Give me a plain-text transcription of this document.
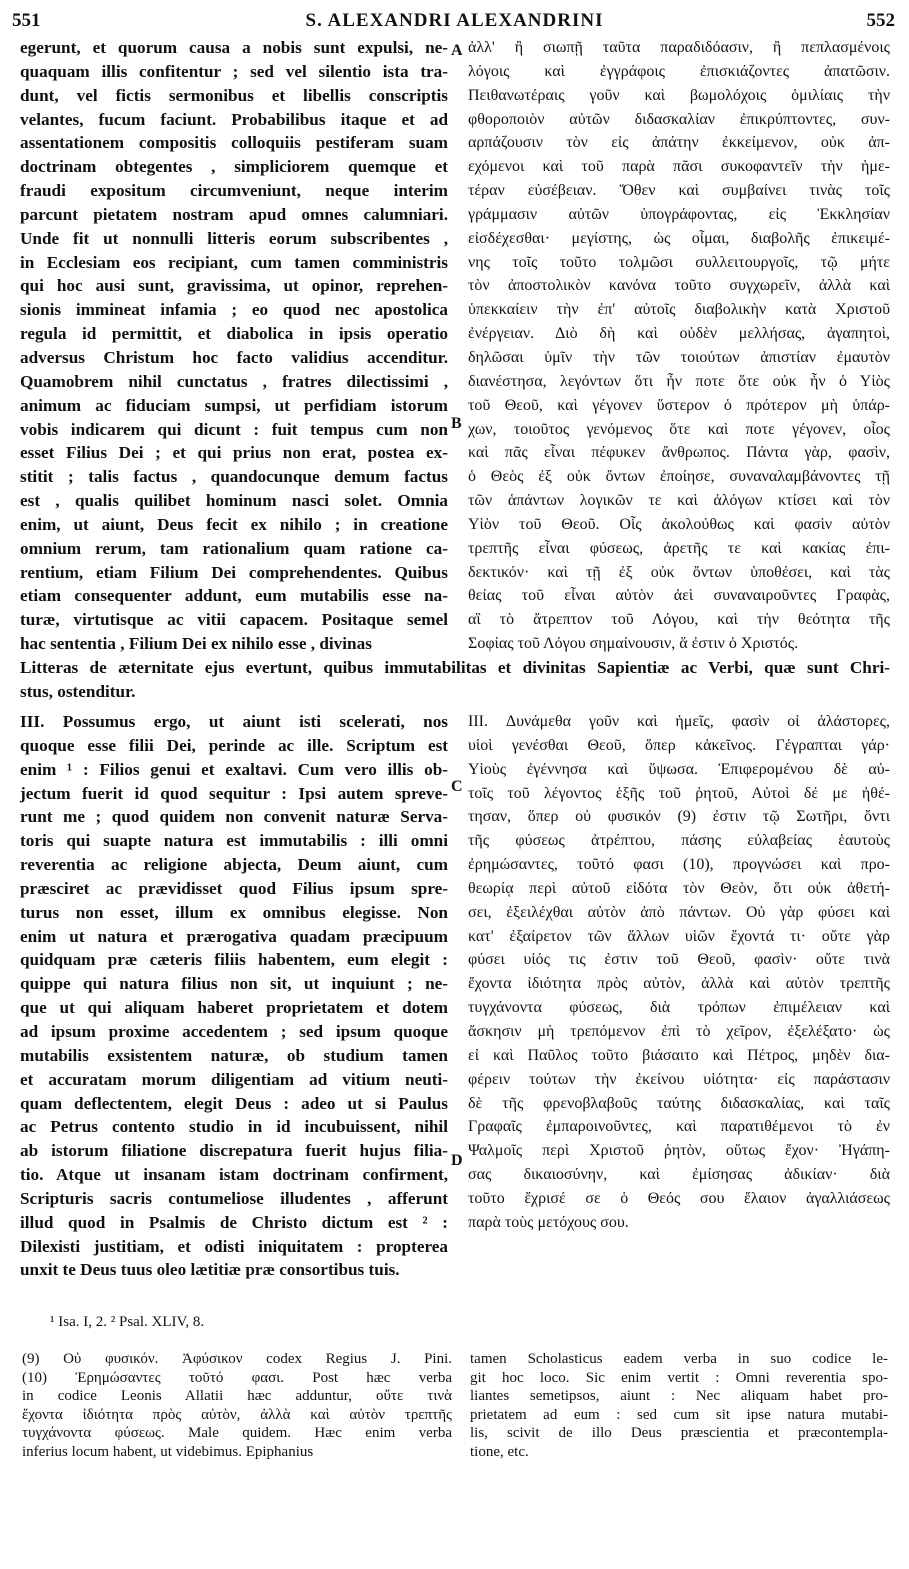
551	S. ALEXANDRI ALEXANDRINI	552
egerunt, et quorum causa a nobis sunt expulsi, ne-
quaquam illis confitentur ; sed vel silentio ista tra-
dunt, vel fictis sermonibus et libellis conscriptis
velantes, fucum faciunt. Probabilibus itaque et ad
assentationem compositis colloquiis pestiferam suam
doctrinam obtegentes , simpliciorem quemque et
fraudi expositum circumveniunt, neque interim
parcunt pietatem nostram apud omnes calumniari.
Unde fit ut nonnulli litteris eorum subscribentes ,
in Ecclesiam eos recipiant, cum tamen comministris
qui hoc ausi sunt, gravissima, ut opinor, reprehen-
sionis immineat infamia ; eo quod nec apostolica
regula id permittit, et diabolica in ipsis operatio
adversus Christum hoc facto validius accenditur.
Quamobrem nihil cunctatus , fratres dilectissimi ,
animum ac fiduciam sumpsi, ut perfidiam istorum
vobis indicarem qui dicunt : fuit tempus cum non
esset Filius Dei ; et qui prius non erat, postea ex-
stitit ; talis factus , quandocunque demum factus
est , qualis quilibet hominum nasci solet. Omnia
enim, ut aiunt, Deus fecit ex nihilo ; in creatione
omnium rerum, tam rationalium quam ratione ca-
rentium, etiam Filium Dei comprehendentes. Quibus
etiam consequenter addunt, eum mutabilis esse na-
turæ, virtutisque ac vitii capacem. Positaque semel
hac sententia , Filium Dei ex nihilo esse , divinas
ἀλλ' ἢ σιωπῇ ταῦτα παραδιδόασιν, ἢ πεπλασμένοις
λόγοις καὶ ἐγγράφοις ἐπισκιάζοντες ἀπατῶσιν.
Πειθανωτέραις γοῦν καὶ βωμολόχοις ὁμιλίαις τὴν
φθοροποιὸν αὐτῶν διδασκαλίαν ἐπικρύπτοντες, συν-
αρπάζουσιν τὸν εἰς ἀπάτην ἐκκείμενον, οὐκ ἀπ-
εχόμενοι καὶ τοῦ παρὰ πᾶσι συκοφαντεῖν τὴν ἡμε-
τέραν εὐσέβειαν. Ὅθεν καὶ συμβαίνει τινὰς τοῖς
γράμμασιν αὐτῶν ὑπογράφοντας, εἰς Ἐκκλησίαν
εἰσδέχεσθαι· μεγίστης, ὡς οἶμαι, διαβολῆς ἐπικειμέ-
νης τοῖς τοῦτο τολμῶσι συλλειτουργοῖς, τῷ μήτε
τὸν ἀποστολικὸν κανόνα τοῦτο συγχωρεῖν, ἀλλὰ καὶ
ὑπεκκαίειν τὴν ἐπ' αὐτοῖς διαβολικὴν κατὰ Χριστοῦ
ἐνέργειαν. Διὸ δὴ καὶ οὐδὲν μελλήσας, ἀγαπητοὶ,
δηλῶσαι ὑμῖν τὴν τῶν τοιούτων ἀπιστίαν ἐμαυτὸν
διανέστησα, λεγόντων ὅτι ἦν ποτε ὅτε οὐκ ἦν ὁ Υἱὸς
τοῦ Θεοῦ, καὶ γέγονεν ὕστερον ὁ πρότερον μὴ ὑπάρ-
χων, τοιοῦτος γενόμενος ὅτε καὶ ποτε γέγονεν, οἷος
καὶ πᾶς εἶναι πέφυκεν ἄνθρωπος. Πάντα γὰρ, φασὶν,
ὁ Θεὸς ἐξ οὐκ ὄντων ἐποίησε, συναναλαμβάνοντες τῇ
τῶν ἁπάντων λογικῶν τε καὶ ἀλόγων κτίσει καὶ τὸν
Υἱὸν τοῦ Θεοῦ. Οἷς ἀκολούθως καὶ φασὶν αὐτὸν
τρεπτῆς εἶναι φύσεως, ἀρετῆς τε καὶ κακίας ἐπι-
δεκτικόν· καὶ τῇ ἐξ οὐκ ὄντων ὑποθέσει, καὶ τὰς
θείας τοῦ εἶναι αὐτὸν ἀεὶ συναναιροῦντες Γραφὰς,
αἳ τὸ ἄτρεπτον τοῦ Λόγου, καὶ τὴν θεότητα τῆς
Σοφίας τοῦ Λόγου σημαίνουσιν, ἅ ἐστιν ὁ Χριστός.
A
B
C
D
Litteras de æternitate ejus evertunt, quibus immutabilitas et divinitas Sapientiæ ac Verbi, quæ sunt Chri-
stus, ostenditur.
III. Possumus ergo, ut aiunt isti scelerati, nos
quoque esse filii Dei, perinde ac ille. Scriptum est
enim ¹ : Filios genui et exaltavi. Cum vero illis ob-
jectum fuerit id quod sequitur : Ipsi autem spreve-
runt me ; quod quidem non convenit naturæ Serva-
toris qui suapte natura est immutabilis : illi omni
reverentia ac religione abjecta, Deum aiunt, cum
præsciret ac prævidisset quod Filius ipsum spre-
turus non esset, illum ex omnibus elegisse. Non
enim ut natura et prærogativa quadam præcipuum
quidquam præ cæteris filiis habentem, eum elegit :
quippe qui natura filius non sit, ut inquiunt ; ne-
que ut qui aliquam haberet proprietatem et dotem
ad ipsum proxime accedentem ; sed ipsum quoque
mutabilis exsistentem naturæ, ob studium tamen
et accuratam morum diligentiam ad vitium neuti-
quam deflectentem, elegit Deus : adeo ut si Paulus
ac Petrus contento studio in id incubuissent, nihil
ab istorum filiatione discrepatura fuerit hujus filia-
tio. Atque ut insanam istam doctrinam confirment,
Scripturis sacris contumeliose illudentes , afferunt
illud quod in Psalmis de Christo dictum est ² :
Dilexisti justitiam, et odisti iniquitatem : propterea
unxit te Deus tuus oleo lætitiæ præ consortibus tuis.
III. Δυνάμεθα γοῦν καὶ ἡμεῖς, φασὶν οἱ ἀλάστορες,
υἱοὶ γενέσθαι Θεοῦ, ὅπερ κἀκεῖνος. Γέγραπται γάρ·
Υἱοὺς ἐγέννησα καὶ ὕψωσα. Ἐπιφερομένου δὲ αὐ-
τοῖς τοῦ λέγοντος ἑξῆς τοῦ ῥητοῦ, Αὐτοὶ δέ με ἠθέ-
τησαν, ὅπερ οὐ φυσικόν (9) ἐστιν τῷ Σωτῆρι, ὄντι
τῆς φύσεως ἀτρέπτου, πάσης εὐλαβείας ἑαυτοὺς
ἐρημώσαντες, τοῦτό φασι (10), προγνώσει καὶ προ-
θεωρίᾳ περὶ αὐτοῦ εἰδότα τὸν Θεὸν, ὅτι οὐκ ἀθετή-
σει, ἐξειλέχθαι αὐτὸν ἀπὸ πάντων. Οὐ γὰρ φύσει καὶ
κατ' ἐξαίρετον τῶν ἄλλων υἱῶν ἔχοντά τι· οὔτε γὰρ
φύσει υἱός τις ἐστιν τοῦ Θεοῦ, φασὶν· οὔτε τινὰ
ἔχοντα ἰδιότητα πρὸς αὐτὸν, ἀλλὰ καὶ αὐτὸν τρεπτῆς
τυγχάνοντα φύσεως, διὰ τρόπων ἐπιμέλειαν καὶ
ἄσκησιν μὴ τρεπόμενον ἐπὶ τὸ χεῖρον, ἐξελέξατο· ὡς
εἰ καὶ Παῦλος τοῦτο βιάσαιτο καὶ Πέτρος, μηδὲν δια-
φέρειν τούτων τὴν ἐκείνου υἱότητα· εἰς παράστασιν
δὲ τῆς φρενοβλαβοῦς ταύτης διδασκαλίας, καὶ ταῖς
Γραφαῖς ἐμπαροινοῦντες, καὶ παρατιθέμενοι τὸ ἐν
Ψαλμοῖς περὶ Χριστοῦ ῥητὸν, οὕτως ἔχον· Ἠγάπη-
σας δικαιοσύνην, καὶ ἐμίσησας ἀδικίαν· διὰ
τοῦτο ἔχρισέ σε ὁ Θεός σου ἔλαιον ἀγαλλιάσεως
παρὰ τοὺς μετόχους σου.
¹ Isa. I, 2. ² Psal. XLIV, 8.
(9) Οὐ φυσικόν. Ἀφύσικον codex Regius J. Pini.
(10) Ἐρημώσαντες τοῦτό φασι. Post hæc verba
in codice Leonis Allatii hæc adduntur, οὔτε τινὰ
ἔχοντα ἰδιότητα πρὸς αὐτὸν, ἀλλὰ καὶ αὐτὸν τρεπτῆς
τυγχάνοντα φύσεως. Male quidem. Hæc enim verba
inferius locum habent, ut videbimus. Epiphanius
tamen Scholasticus eadem verba in suo codice le-
git hoc loco. Sic enim vertit : Omni reverentia spo-
liantes semetipsos, aiunt : Nec aliquam habet pro-
prietatem ad eum : sed cum sit ipse natura mutabi-
lis, scivit de illo Deus præscientia et præcontempla-
tione, etc.
